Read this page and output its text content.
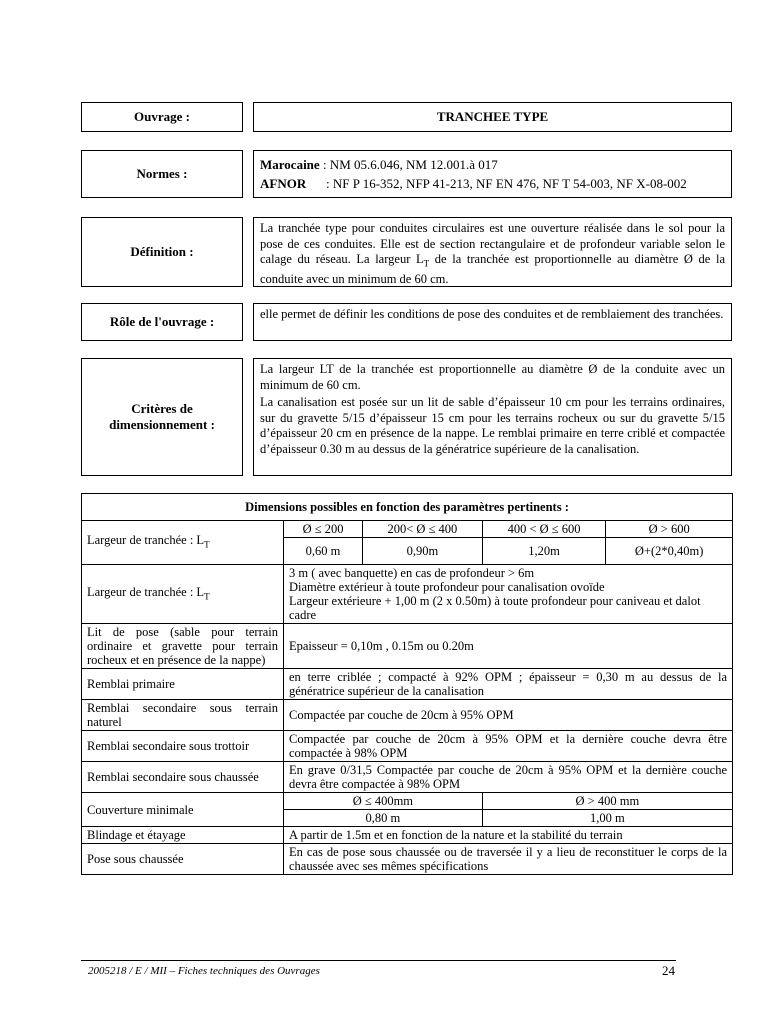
Ouvrage :	TRANCHEE TYPE
Normes :
Marocaine : NM 05.6.046, NM 12.001.à 017
AFNOR : NF P 16-352, NFP 41-213, NF EN 476, NF T 54-003, NF X-08-002
Définition :
La tranchée type pour conduites circulaires est une ouverture réalisée dans le sol pour la pose de ces conduites. Elle est de section rectangulaire et de profondeur variable selon le calage du réseau. La largeur $L_T$ de la tranchée est proportionnelle au diamètre Ø de la conduite avec un minimum de 60 cm.
Rôle de l'ouvrage :	elle permet de définir les conditions de pose des conduites et de remblaiement des tranchées.
Critères de dimensionnement :

La largeur LT de la tranchée est proportionnelle au diamètre Ø de la conduite avec un minimum de 60 cm.

La canalisation est posée sur un lit de sable d’épaisseur 10 cm pour les terrains ordinaires, sur du gravette 5/15 d’épaisseur 15 cm pour les terrains rocheux ou sur du gravette 5/15 d’épaisseur 20 cm en présence de la nappe. Le remblai primaire en terre criblé et compactée d’épaisseur 0.30 m au dessus de la génératrice supérieure de la canalisation.

Dimensions possibles en fonction des paramètres pertinents :				
Largeur de tranchée : $L_T$	Ø ≤ 200	200< Ø ≤ 400	400 < Ø ≤ 600	Ø > 600
	0,60 m	0,90m	1,20m	Ø+(2*0,40m)
Largeur de tranchée : $L_T$	3 m ( avec banquette) en cas de profondeur > 6m
Diamètre extérieur à toute profondeur pour canalisation ovoïde
Largeur extérieure + 1,00 m (2 x 0.50m) à toute profondeur pour caniveau et dalot cadre			

Lit de pose (sable pour terrain ordinaire et gravette pour terrain rocheux et en présence de la nappe)	Epaisseur = 0,10m , 0.15m ou 0.20m			
Remblai primaire	en terre criblée ; compacté à 92% OPM ; épaisseur = 0,30 m au dessus de la génératrice supérieur de la canalisation			
Remblai secondaire sous terrain naturel	Compactée par couche de 20cm à 95% OPM			
Remblai secondaire sous trottoir	Compactée par couche de 20cm à 95% OPM et la dernière couche devra être compactée à 98% OPM			
Remblai secondaire sous chaussée	En grave 0/31,5 Compactée par couche de 20cm à 95% OPM et la dernière couche devra être compactée à 98% OPM			
Couverture minimale	Ø ≤ 400mm		Ø > 400 mm	
	0,80 m		1,00 m	
Blindage et étayage	A partir de 1.5m et en fonction de la nature et la stabilité du terrain			
Pose sous chaussée	En cas de pose sous chaussée ou de traversée il y a lieu de reconstituer le corps de la chaussée avec ses mêmes spécifications			
2005218 / E / MII – Fiches techniques des Ouvrages	24
